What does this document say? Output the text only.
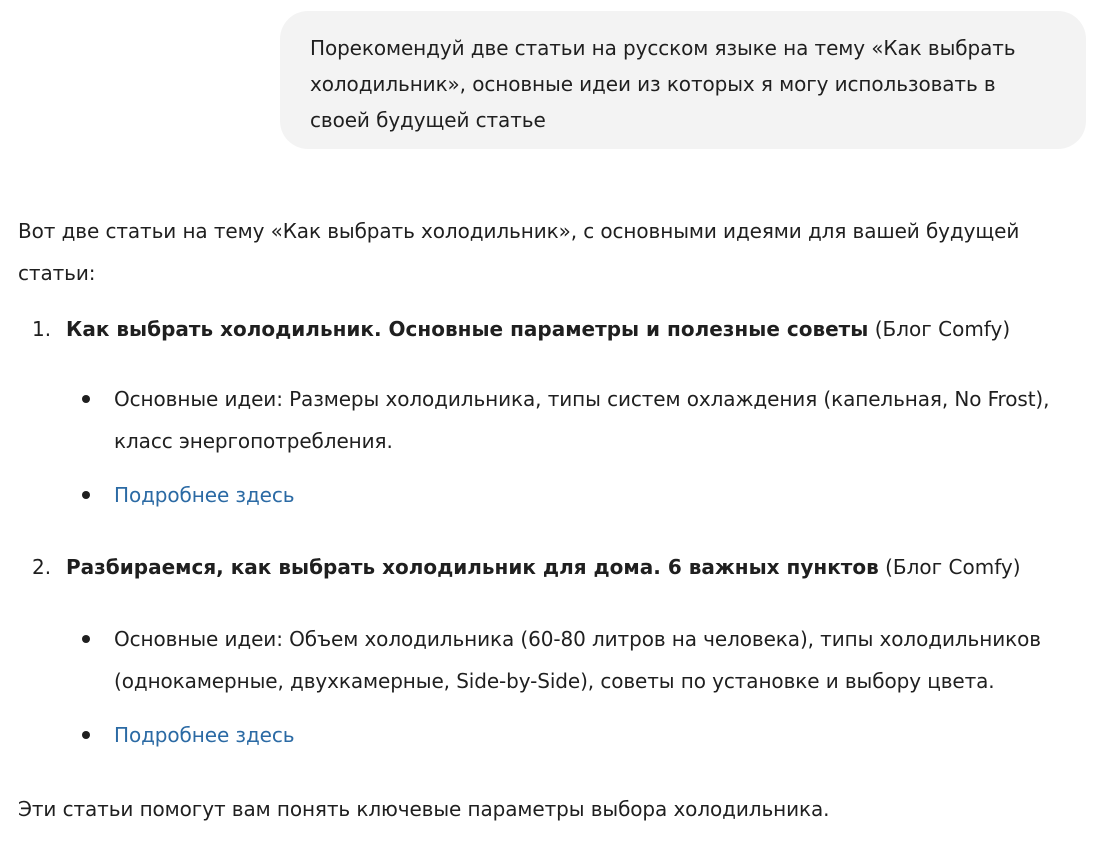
Порекомендуй две статьи на русском языке на тему «Как выбрать холодильник», основные идеи из которых я могу использовать в своей будущей статье

Вот две статьи на тему «Как выбрать холодильник», с основными идеями для вашей будущей статьи:

1. Как выбрать холодильник. Основные параметры и полезные советы (Блог Comfy)
Основные идеи: Размеры холодильника, типы систем охлаждения (капельная, No Frost), класс энергопотребления.
Подробнее здесь
2. Разбираемся, как выбрать холодильник для дома. 6 важных пунктов (Блог Comfy)
Основные идеи: Объем холодильника (60-80 литров на человека), типы холодильников (однокамерные, двухкамерные, Side-by-Side), советы по установке и выбору цвета.
Подробнее здесь

Эти статьи помогут вам понять ключевые параметры выбора холодильника.
